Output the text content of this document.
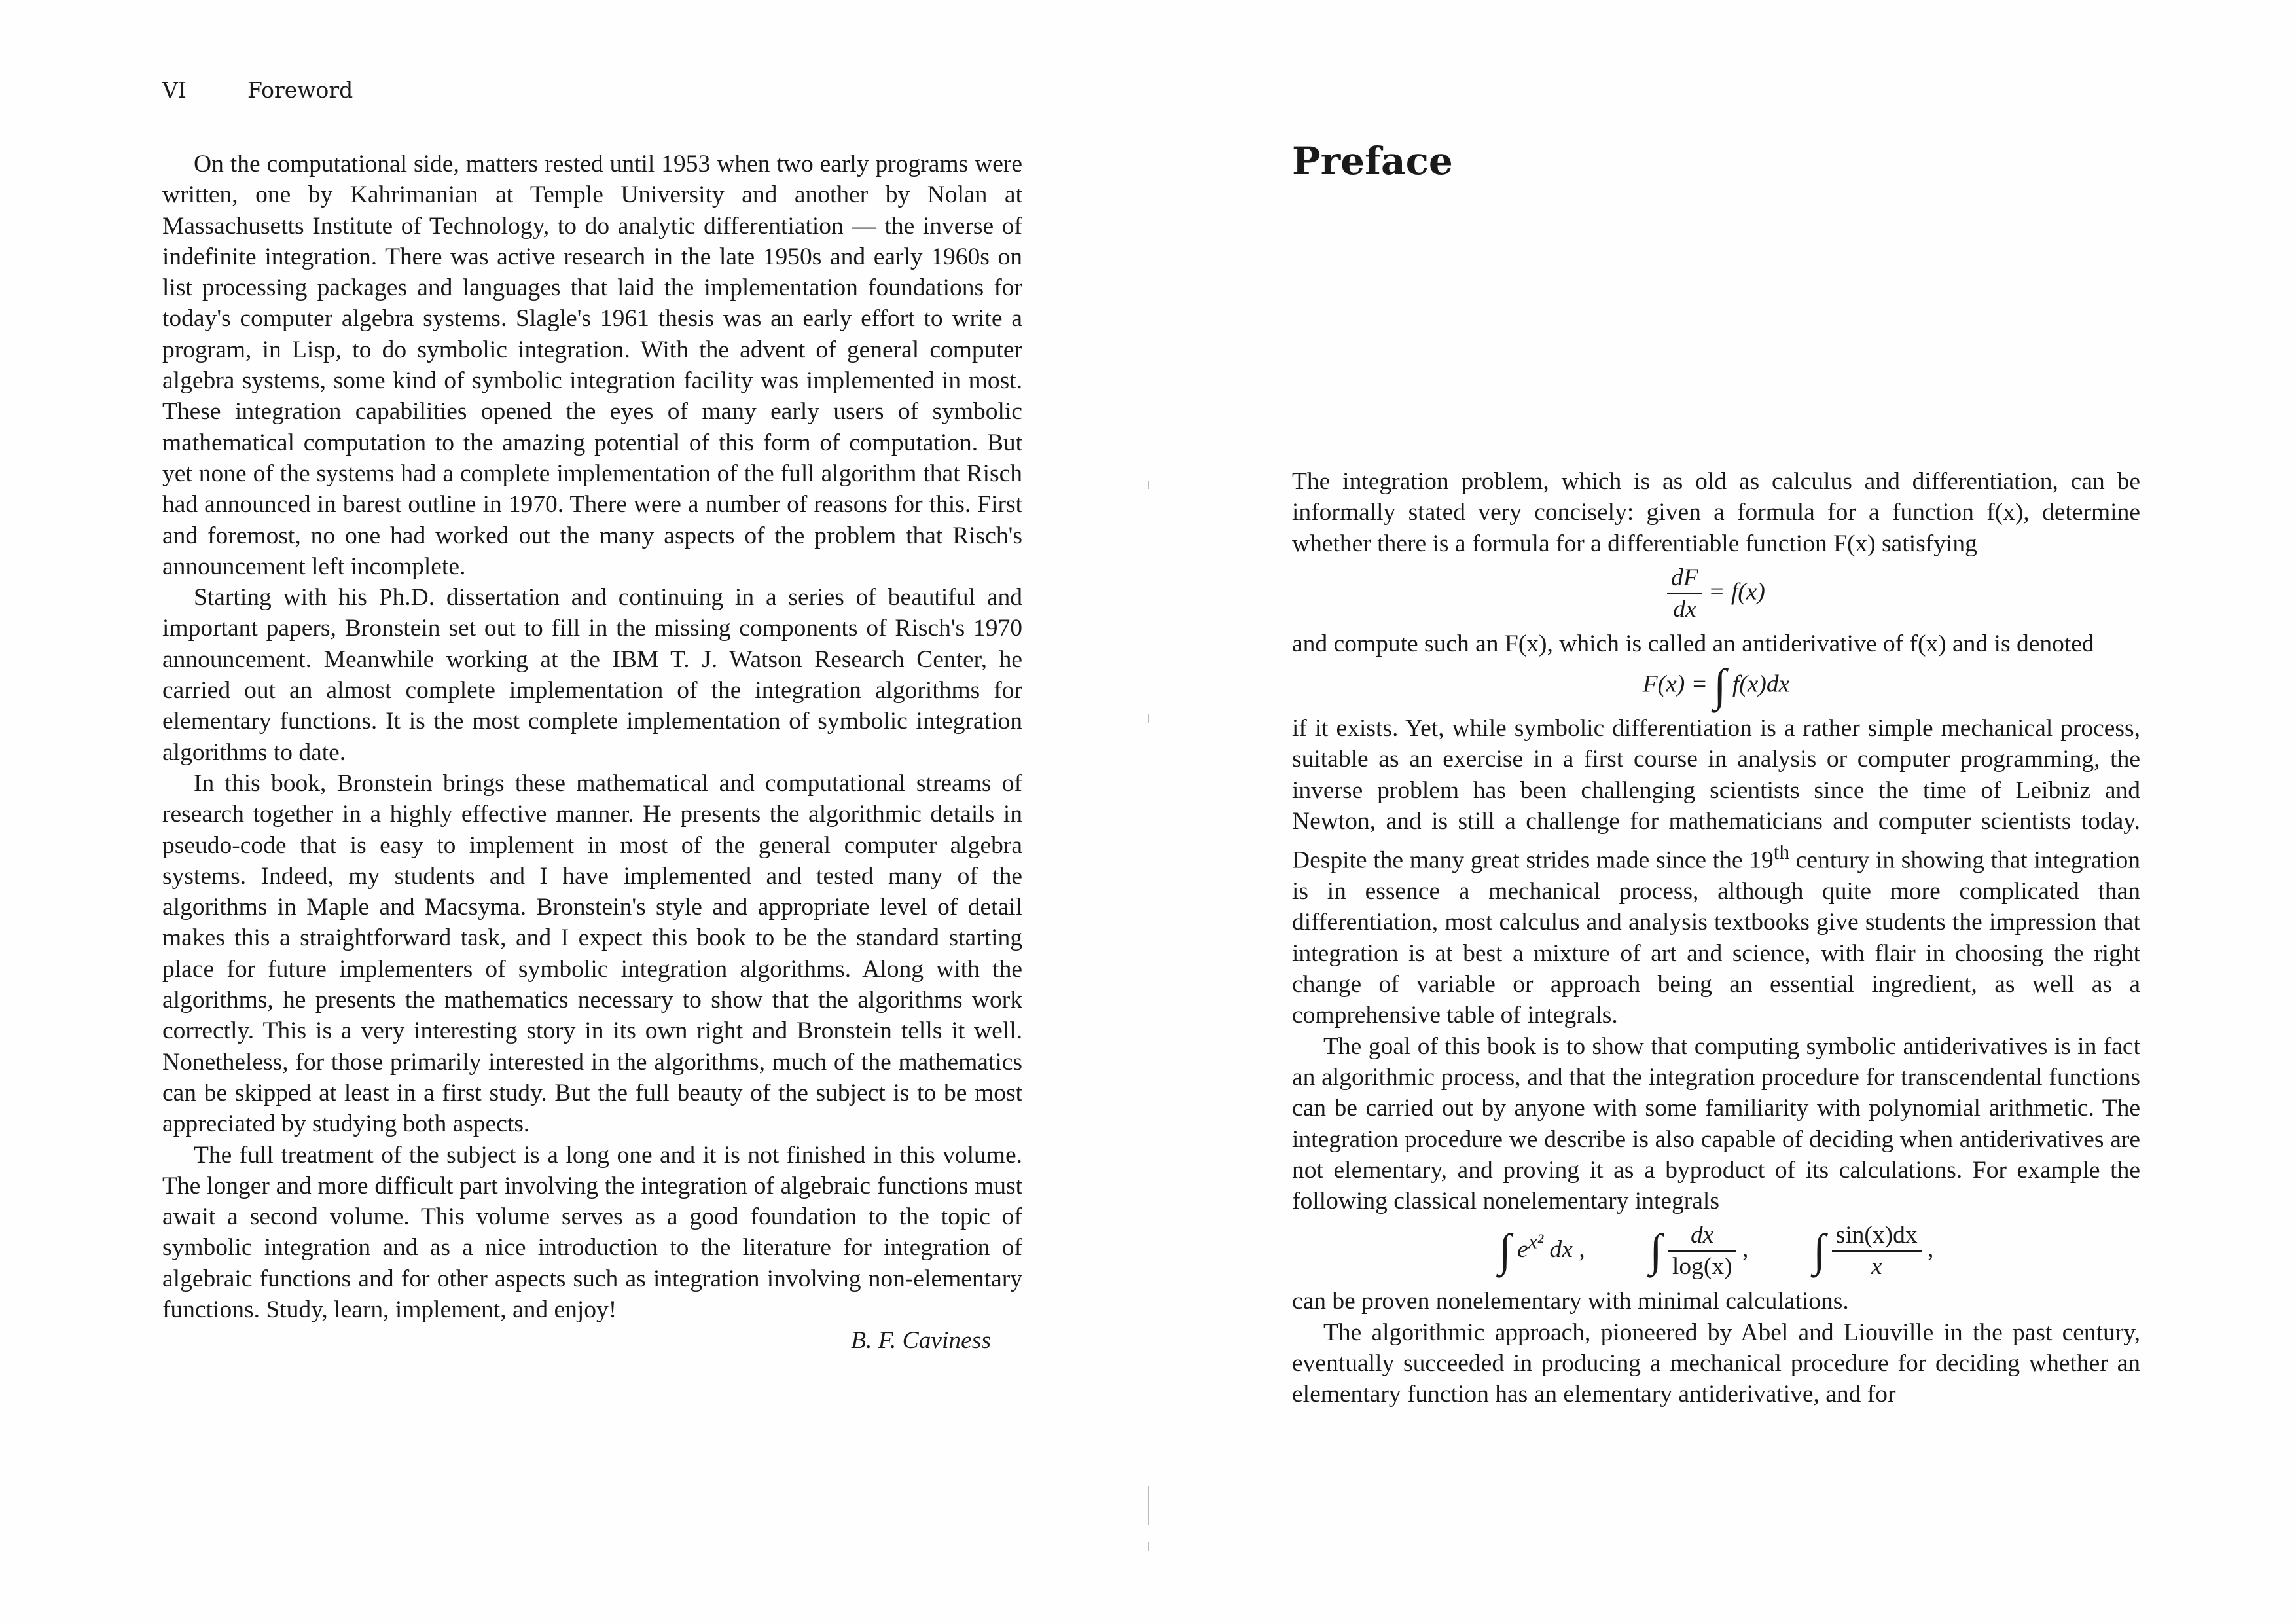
VI	Foreword

On the computational side, matters rested until 1953 when two early programs were written, one by Kahrimanian at Temple University and another by Nolan at Massachusetts Institute of Technology, to do analytic differentiation — the inverse of indefinite integration. There was active research in the late 1950s and early 1960s on list processing packages and languages that laid the implementation foundations for today's computer algebra systems. Slagle's 1961 thesis was an early effort to write a program, in Lisp, to do symbolic integration. With the advent of general computer algebra systems, some kind of symbolic integration facility was implemented in most. These integration capabilities opened the eyes of many early users of symbolic mathematical computation to the amazing potential of this form of computation. But yet none of the systems had a complete implementation of the full algorithm that Risch had announced in barest outline in 1970. There were a number of reasons for this. First and foremost, no one had worked out the many aspects of the problem that Risch's announcement left incomplete.

Starting with his Ph.D. dissertation and continuing in a series of beautiful and important papers, Bronstein set out to fill in the missing components of Risch's 1970 announcement. Meanwhile working at the IBM T. J. Watson Research Center, he carried out an almost complete implementation of the integration algorithms for elementary functions. It is the most complete implementation of symbolic integration algorithms to date.

In this book, Bronstein brings these mathematical and computational streams of research together in a highly effective manner. He presents the algorithmic details in pseudo-code that is easy to implement in most of the general computer algebra systems. Indeed, my students and I have implemented and tested many of the algorithms in Maple and Macsyma. Bronstein's style and appropriate level of detail makes this a straightforward task, and I expect this book to be the standard starting place for future implementers of symbolic integration algorithms. Along with the algorithms, he presents the mathematics necessary to show that the algorithms work correctly. This is a very interesting story in its own right and Bronstein tells it well. Nonetheless, for those primarily interested in the algorithms, much of the mathematics can be skipped at least in a first study. But the full beauty of the subject is to be most appreciated by studying both aspects.

The full treatment of the subject is a long one and it is not finished in this volume. The longer and more difficult part involving the integration of algebraic functions must await a second volume. This volume serves as a good foundation to the topic of symbolic integration and as a nice introduction to the literature for integration of algebraic functions and for other aspects such as integration involving non-elementary functions. Study, learn, implement, and enjoy!

B. F. Caviness

Preface

The integration problem, which is as old as calculus and differentiation, can be informally stated very concisely: given a formula for a function f(x), determine whether there is a formula for a differentiable function F(x) satisfying

$\frac{dF}{dx} = f(x)$

and compute such an F(x), which is called an antiderivative of f(x) and is denoted

F(x) = ∫ f(x)dx

if it exists. Yet, while symbolic differentiation is a rather simple mechanical process, suitable as an exercise in a first course in analysis or computer programming, the inverse problem has been challenging scientists since the time of Leibniz and Newton, and is still a challenge for mathematicians and computer scientists today. Despite the many great strides made since the 19th century in showing that integration is in essence a mechanical process, although quite more complicated than differentiation, most calculus and analysis textbooks give students the impression that integration is at best a mixture of art and science, with flair in choosing the right change of variable or approach being an essential ingredient, as well as a comprehensive table of integrals.

The goal of this book is to show that computing symbolic antiderivatives is in fact an algorithmic process, and that the integration procedure for transcendental functions can be carried out by anyone with some familiarity with polynomial arithmetic. The integration procedure we describe is also capable of deciding when antiderivatives are not elementary, and proving it as a byproduct of its calculations. For example the following classical nonelementary integrals

∫ $e^{x^2}$ dx , ∫ $\frac{dx}{\log(x)}$ , ∫ $\frac{\sin(x)dx}{x}$ ,

can be proven nonelementary with minimal calculations.

The algorithmic approach, pioneered by Abel and Liouville in the past century, eventually succeeded in producing a mechanical procedure for deciding whether an elementary function has an elementary antiderivative, and for
